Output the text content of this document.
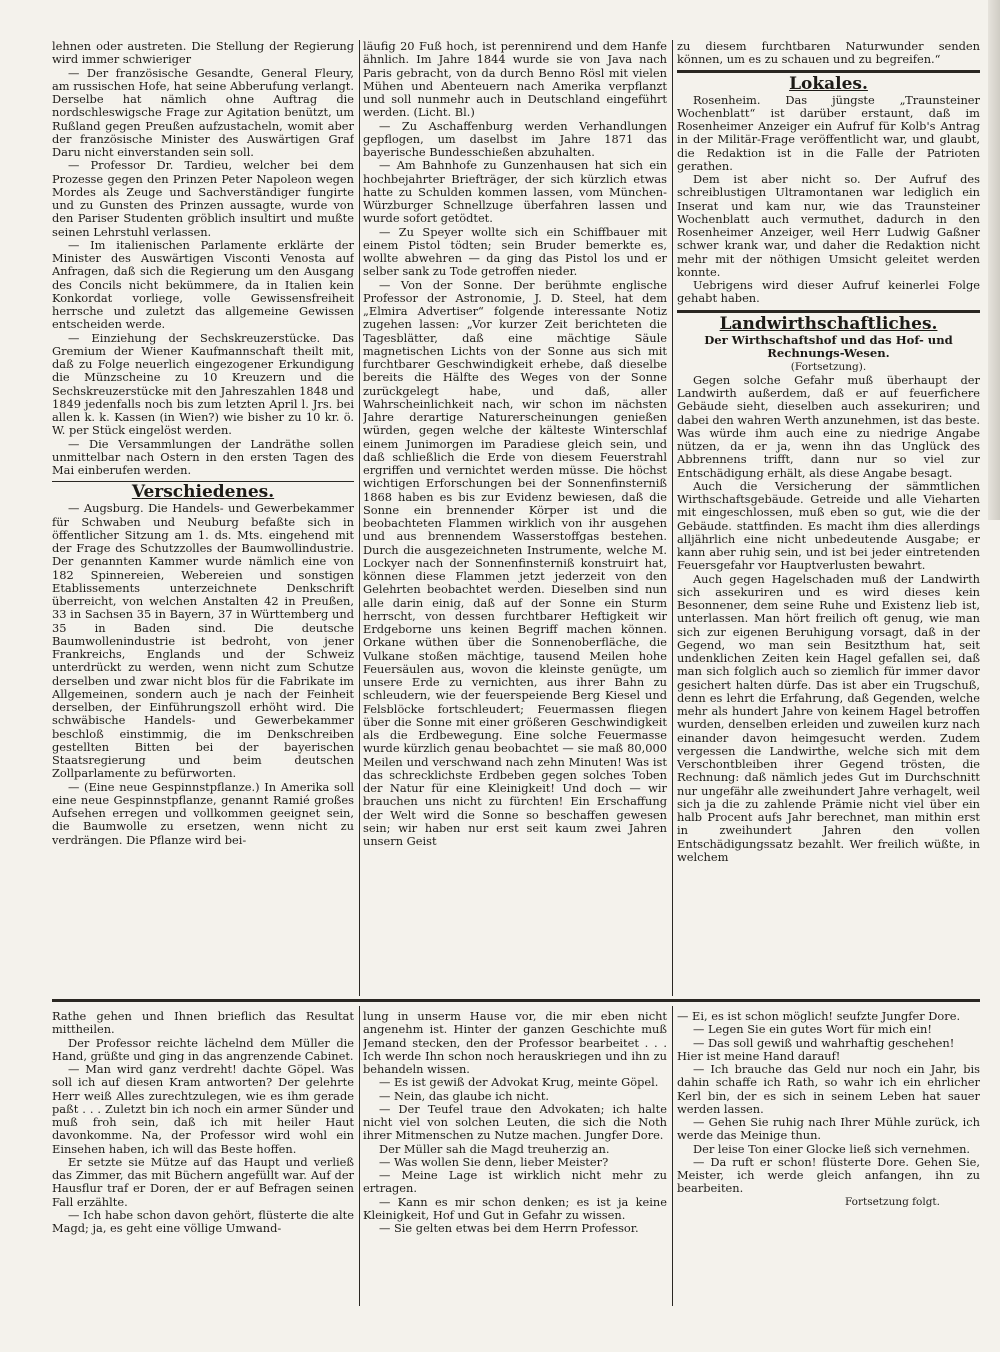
lehnen oder austreten. Die Stellung der Regierung wird immer schwieriger

— Der französische Gesandte, General Fleury, am russischen Hofe, hat seine Abberufung verlangt. Derselbe hat nämlich ohne Auftrag die nordschleswigsche Frage zur Agitation benützt, um Rußland gegen Preußen aufzustacheln, womit aber der französische Minister des Auswärtigen Graf Daru nicht einverstanden sein soll.

— Professor Dr. Tardieu, welcher bei dem Prozesse gegen den Prinzen Peter Napoleon wegen Mordes als Zeuge und Sachverständiger fungirte und zu Gunsten des Prinzen aussagte, wurde von den Pariser Studenten gröblich insultirt und mußte seinen Lehrstuhl verlassen.

— Im italienischen Parlamente erklärte der Minister des Auswärtigen Visconti Venosta auf Anfragen, daß sich die Regierung um den Ausgang des Concils nicht bekümmere, da in Italien kein Konkordat vorliege, volle Gewissensfreiheit herrsche und zuletzt das allgemeine Gewissen entscheiden werde.

— Einziehung der Sechskreuzerstücke. Das Gremium der Wiener Kaufmannschaft theilt mit, daß zu Folge neuerlich eingezogener Erkundigung die Münzscheine zu 10 Kreuzern und die Sechskreuzerstücke mit den Jahreszahlen 1848 und 1849 jedenfalls noch bis zum letzten April l. Jrs. bei allen k. k. Kassen (in Wien?) wie bisher zu 10 kr. ö. W. per Stück eingelöst werden.

— Die Versammlungen der Landräthe sollen unmittelbar nach Ostern in den ersten Tagen des Mai einberufen werden.

Verschiedenes.

— Augsburg. Die Handels- und Gewerbekammer für Schwaben und Neuburg befaßte sich in öffentlicher Sitzung am 1. ds. Mts. eingehend mit der Frage des Schutzzolles der Baumwollindustrie. Der genannten Kammer wurde nämlich eine von 182 Spinnereien, Webereien und sonstigen Etablissements unterzeichnete Denkschrift überreicht, von welchen Anstalten 42 in Preußen, 33 in Sachsen 35 in Bayern, 37 in Württemberg und 35 in Baden sind. Die deutsche Baumwollenindustrie ist bedroht, von jener Frankreichs, Englands und der Schweiz unterdrückt zu werden, wenn nicht zum Schutze derselben und zwar nicht blos für die Fabrikate im Allgemeinen, sondern auch je nach der Feinheit derselben, der Einführungszoll erhöht wird. Die schwäbische Handels- und Gewerbekammer beschloß einstimmig, die im Denkschreiben gestellten Bitten bei der bayerischen Staatsregierung und beim deutschen Zollparlamente zu befürworten.

— (Eine neue Gespinnstpflanze.) In Amerika soll eine neue Gespinnstpflanze, genannt Ramié großes Aufsehen erregen und vollkommen geeignet sein, die Baumwolle zu ersetzen, wenn nicht zu verdrängen. Die Pflanze wird bei-

läufig 20 Fuß hoch, ist perennirend und dem Hanfe ähnlich. Im Jahre 1844 wurde sie von Java nach Paris gebracht, von da durch Benno Rösl mit vielen Mühen und Abenteuern nach Amerika verpflanzt und soll nunmehr auch in Deutschland eingeführt werden. (Licht. Bl.)

— Zu Aschaffenburg werden Verhandlungen gepflogen, um daselbst im Jahre 1871 das bayerische Bundesschießen abzuhalten.

— Am Bahnhofe zu Gunzenhausen hat sich ein hochbejahrter Briefträger, der sich kürzlich etwas hatte zu Schulden kommen lassen, vom München-Würzburger Schnellzuge überfahren lassen und wurde sofort getödtet.

— Zu Speyer wollte sich ein Schiffbauer mit einem Pistol tödten; sein Bruder bemerkte es, wollte abwehren — da ging das Pistol los und er selber sank zu Tode getroffen nieder.

— Von der Sonne. Der berühmte englische Professor der Astronomie, J. D. Steel, hat dem „Elmira Advertiser“ folgende interessante Notiz zugehen lassen: „Vor kurzer Zeit berichteten die Tagesblätter, daß eine mächtige Säule magnetischen Lichts von der Sonne aus sich mit furchtbarer Geschwindigkeit erhebe, daß dieselbe bereits die Hälfte des Weges von der Sonne zurückgelegt habe, und daß, aller Wahrscheinlichkeit nach, wir schon im nächsten Jahre derartige Naturerscheinungen genießen würden, gegen welche der kälteste Winterschlaf einem Junimorgen im Paradiese gleich sein, und daß schließlich die Erde von diesem Feuerstrahl ergriffen und vernichtet werden müsse. Die höchst wichtigen Erforschungen bei der Sonnenfinsterniß 1868 haben es bis zur Evidenz bewiesen, daß die Sonne ein brennender Körper ist und die beobachteten Flammen wirklich von ihr ausgehen und aus brennendem Wasserstoffgas bestehen. Durch die ausgezeichneten Instrumente, welche M. Lockyer nach der Sonnenfinsterniß konstruirt hat, können diese Flammen jetzt jederzeit von den Gelehrten beobachtet werden. Dieselben sind nun alle darin einig, daß auf der Sonne ein Sturm herrscht, von dessen furchtbarer Heftigkeit wir Erdgeborne uns keinen Begriff machen können. Orkane wüthen über die Sonnenoberfläche, die Vulkane stoßen mächtige, tausend Meilen hohe Feuersäulen aus, wovon die kleinste genügte, um unsere Erde zu vernichten, aus ihrer Bahn zu schleudern, wie der feuerspeiende Berg Kiesel und Felsblöcke fortschleudert; Feuermassen fliegen über die Sonne mit einer größeren Geschwindigkeit als die Erdbewegung. Eine solche Feuermasse wurde kürzlich genau beobachtet — sie maß 80,000 Meilen und verschwand nach zehn Minuten! Was ist das schrecklichste Erdbeben gegen solches Toben der Natur für eine Kleinigkeit! Und doch — wir brauchen uns nicht zu fürchten! Ein Erschaffung der Welt wird die Sonne so beschaffen gewesen sein; wir haben nur erst seit kaum zwei Jahren unsern Geist

zu diesem furchtbaren Naturwunder senden können, um es zu schauen und zu begreifen.“

Lokales.

Rosenheim. Das jüngste „Traunsteiner Wochenblatt“ ist darüber erstaunt, daß im Rosenheimer Anzeiger ein Aufruf für Kolb's Antrag in der Militär-Frage veröffentlicht war, und glaubt, die Redaktion ist in die Falle der Patrioten gerathen.

Dem ist aber nicht so. Der Aufruf des schreiblustigen Ultramontanen war lediglich ein Inserat und kam nur, wie das Traunsteiner Wochenblatt auch vermuthet, dadurch in den Rosenheimer Anzeiger, weil Herr Ludwig Gaßner schwer krank war, und daher die Redaktion nicht mehr mit der nöthigen Umsicht geleitet werden konnte.

Uebrigens wird dieser Aufruf keinerlei Folge gehabt haben.

Landwirthschaftliches.

Der Wirthschaftshof und das Hof- und Rechnungs-Wesen.

(Fortsetzung).

Gegen solche Gefahr muß überhaupt der Landwirth außerdem, daß er auf feuerfichere Gebäude sieht, dieselben auch assekuriren; und dabei den wahren Werth anzunehmen, ist das beste. Was würde ihm auch eine zu niedrige Angabe nützen, da er ja, wenn ihn das Unglück des Abbrennens trifft, dann nur so viel zur Entschädigung erhält, als diese Angabe besagt.

Auch die Versicherung der sämmtlichen Wirthschaftsgebäude. Getreide und alle Vieharten mit eingeschlossen, muß eben so gut, wie die der Gebäude. stattfinden. Es macht ihm dies allerdings alljährlich eine nicht unbedeutende Ausgabe; er kann aber ruhig sein, und ist bei jeder eintretenden Feuersgefahr vor Hauptverlusten bewahrt.

Auch gegen Hagelschaden muß der Landwirth sich assekuriren und es wird dieses kein Besonnener, dem seine Ruhe und Existenz lieb ist, unterlassen. Man hört freilich oft genug, wie man sich zur eigenen Beruhigung vorsagt, daß in der Gegend, wo man sein Besitzthum hat, seit undenklichen Zeiten kein Hagel gefallen sei, daß man sich folglich auch so ziemlich für immer davor gesichert halten dürfe. Das ist aber ein Trugschuß, denn es lehrt die Erfahrung, daß Gegenden, welche mehr als hundert Jahre von keinem Hagel betroffen wurden, denselben erleiden und zuweilen kurz nach einander davon heimgesucht werden. Zudem vergessen die Landwirthe, welche sich mit dem Verschontbleiben ihrer Gegend trösten, die Rechnung: daß nämlich jedes Gut im Durchschnitt nur ungefähr alle zweihundert Jahre verhagelt, weil sich ja die zu zahlende Prämie nicht viel über ein halb Procent aufs Jahr berechnet, man mithin erst in zweihundert Jahren den vollen Entschädigungssatz bezahlt. Wer freilich wüßte, in welchem

Rathe gehen und Ihnen brieflich das Resultat mittheilen.

Der Professor reichte lächelnd dem Müller die Hand, grüßte und ging in das angrenzende Cabinet.

— Man wird ganz verdreht! dachte Göpel. Was soll ich auf diesen Kram antworten? Der gelehrte Herr weiß Alles zurechtzulegen, wie es ihm gerade paßt . . . Zuletzt bin ich noch ein armer Sünder und muß froh sein, daß ich mit heiler Haut davonkomme. Na, der Professor wird wohl ein Einsehen haben, ich will das Beste hoffen.

Er setzte sie Mütze auf das Haupt und verließ das Zimmer, das mit Büchern angefüllt war. Auf der Hausflur traf er Doren, der er auf Befragen seinen Fall erzählte.

— Ich habe schon davon gehört, flüsterte die alte Magd; ja, es geht eine völlige Umwand-

lung in unserm Hause vor, die mir eben nicht angenehm ist. Hinter der ganzen Geschichte muß Jemand stecken, den der Professor bearbeitet . . . Ich werde Ihn schon noch herauskriegen und ihn zu behandeln wissen.

— Es ist gewiß der Advokat Krug, meinte Göpel.

— Nein, das glaube ich nicht.

— Der Teufel traue den Advokaten; ich halte nicht viel von solchen Leuten, die sich die Noth ihrer Mitmenschen zu Nutze machen. Jungfer Dore.

Der Müller sah die Magd treuherzig an.

— Was wollen Sie denn, lieber Meister?

— Meine Lage ist wirklich nicht mehr zu ertragen.

— Kann es mir schon denken; es ist ja keine Kleinigkeit, Hof und Gut in Gefahr zu wissen.

— Sie gelten etwas bei dem Herrn Professor.

— Ei, es ist schon möglich! seufzte Jungfer Dore.

— Legen Sie ein gutes Wort für mich ein!

— Das soll gewiß und wahrhaftig geschehen!

Hier ist meine Hand darauf!

— Ich brauche das Geld nur noch ein Jahr, bis dahin schaffe ich Rath, so wahr ich ein ehrlicher Kerl bin, der es sich in seinem Leben hat sauer werden lassen.

— Gehen Sie ruhig nach Ihrer Mühle zurück, ich werde das Meinige thun.

Der leise Ton einer Glocke ließ sich vernehmen.

— Da ruft er schon! flüsterte Dore. Gehen Sie, Meister, ich werde gleich anfangen, ihn zu bearbeiten.

Fortsetzung folgt.
